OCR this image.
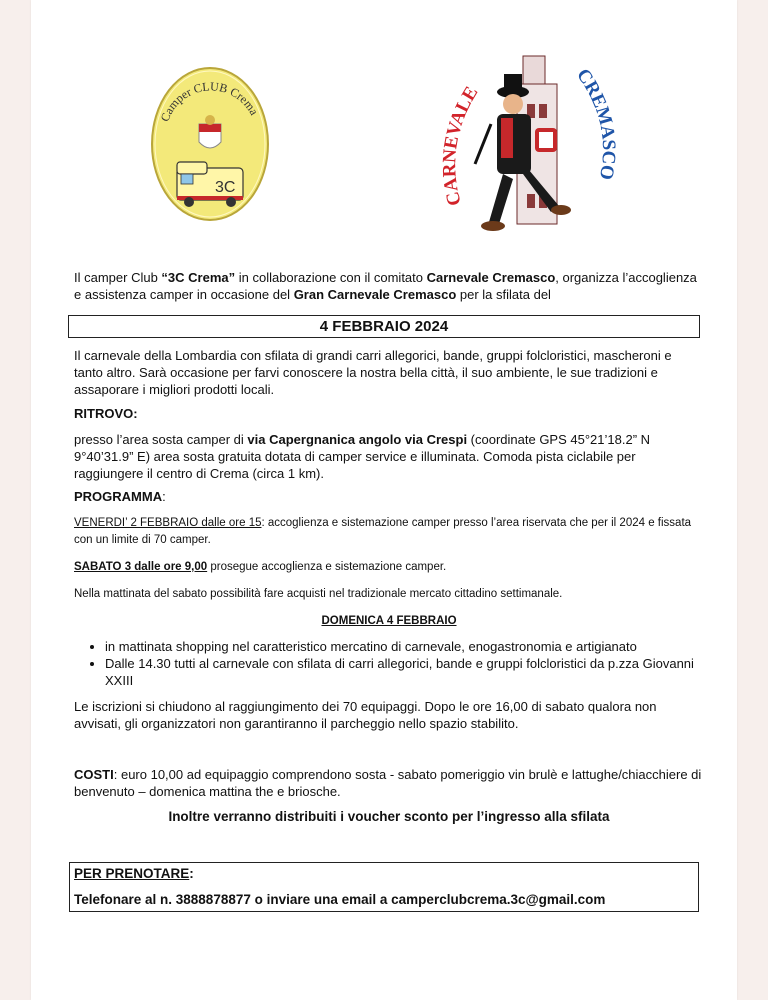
Camper CLUB Crema
3C
CARNEVALE
CREMASCO
Il camper Club “3C Crema” in collaborazione con il comitato Carnevale Cremasco, organizza l’accoglienza e assistenza camper in occasione del Gran Carnevale Cremasco per la sfilata del
4 FEBBRAIO 2024
Il carnevale della Lombardia con sfilata di grandi carri allegorici, bande, gruppi folcloristici, mascheroni e tanto altro. Sarà occasione per farvi conoscere la nostra bella città, il suo ambiente, le sue tradizioni e assaporare i migliori prodotti locali.
RITROVO:
presso l’area sosta camper di via Capergnanica angolo via Crespi (coordinate GPS 45°21’18.2” N 9°40’31.9” E) area sosta gratuita dotata di camper service e illuminata. Comoda pista ciclabile per raggiungere il centro di Crema (circa 1 km).
PROGRAMMA:
VENERDI’ 2 FEBBRAIO dalle ore 15: accoglienza e sistemazione camper presso l’area riservata che per il 2024 e fissata con un limite di 70 camper.
SABATO 3 dalle ore 9,00 prosegue accoglienza e sistemazione camper.
Nella mattinata del sabato possibilità fare acquisti nel tradizionale mercato cittadino settimanale.
DOMENICA 4 FEBBRAIO
• in mattinata shopping nel caratteristico mercatino di carnevale, enogastronomia e artigianato
• Dalle 14.30 tutti al carnevale con sfilata di carri allegorici, bande e gruppi folcloristici da p.zza Giovanni XXIII
Le iscrizioni si chiudono al raggiungimento dei 70 equipaggi. Dopo le ore 16,00 di sabato qualora non avvisati, gli organizzatori non garantiranno il parcheggio nello spazio stabilito.
COSTI: euro 10,00 ad equipaggio comprendono sosta - sabato pomeriggio vin brulè e lattughe/chiacchiere di benvenuto – domenica mattina the e briosche.
Inoltre verranno distribuiti i voucher sconto per l’ingresso alla sfilata
PER PRENOTARE:
Telefonare al n. 3888878877 o inviare una email a camperclubcrema.3c@gmail.com
